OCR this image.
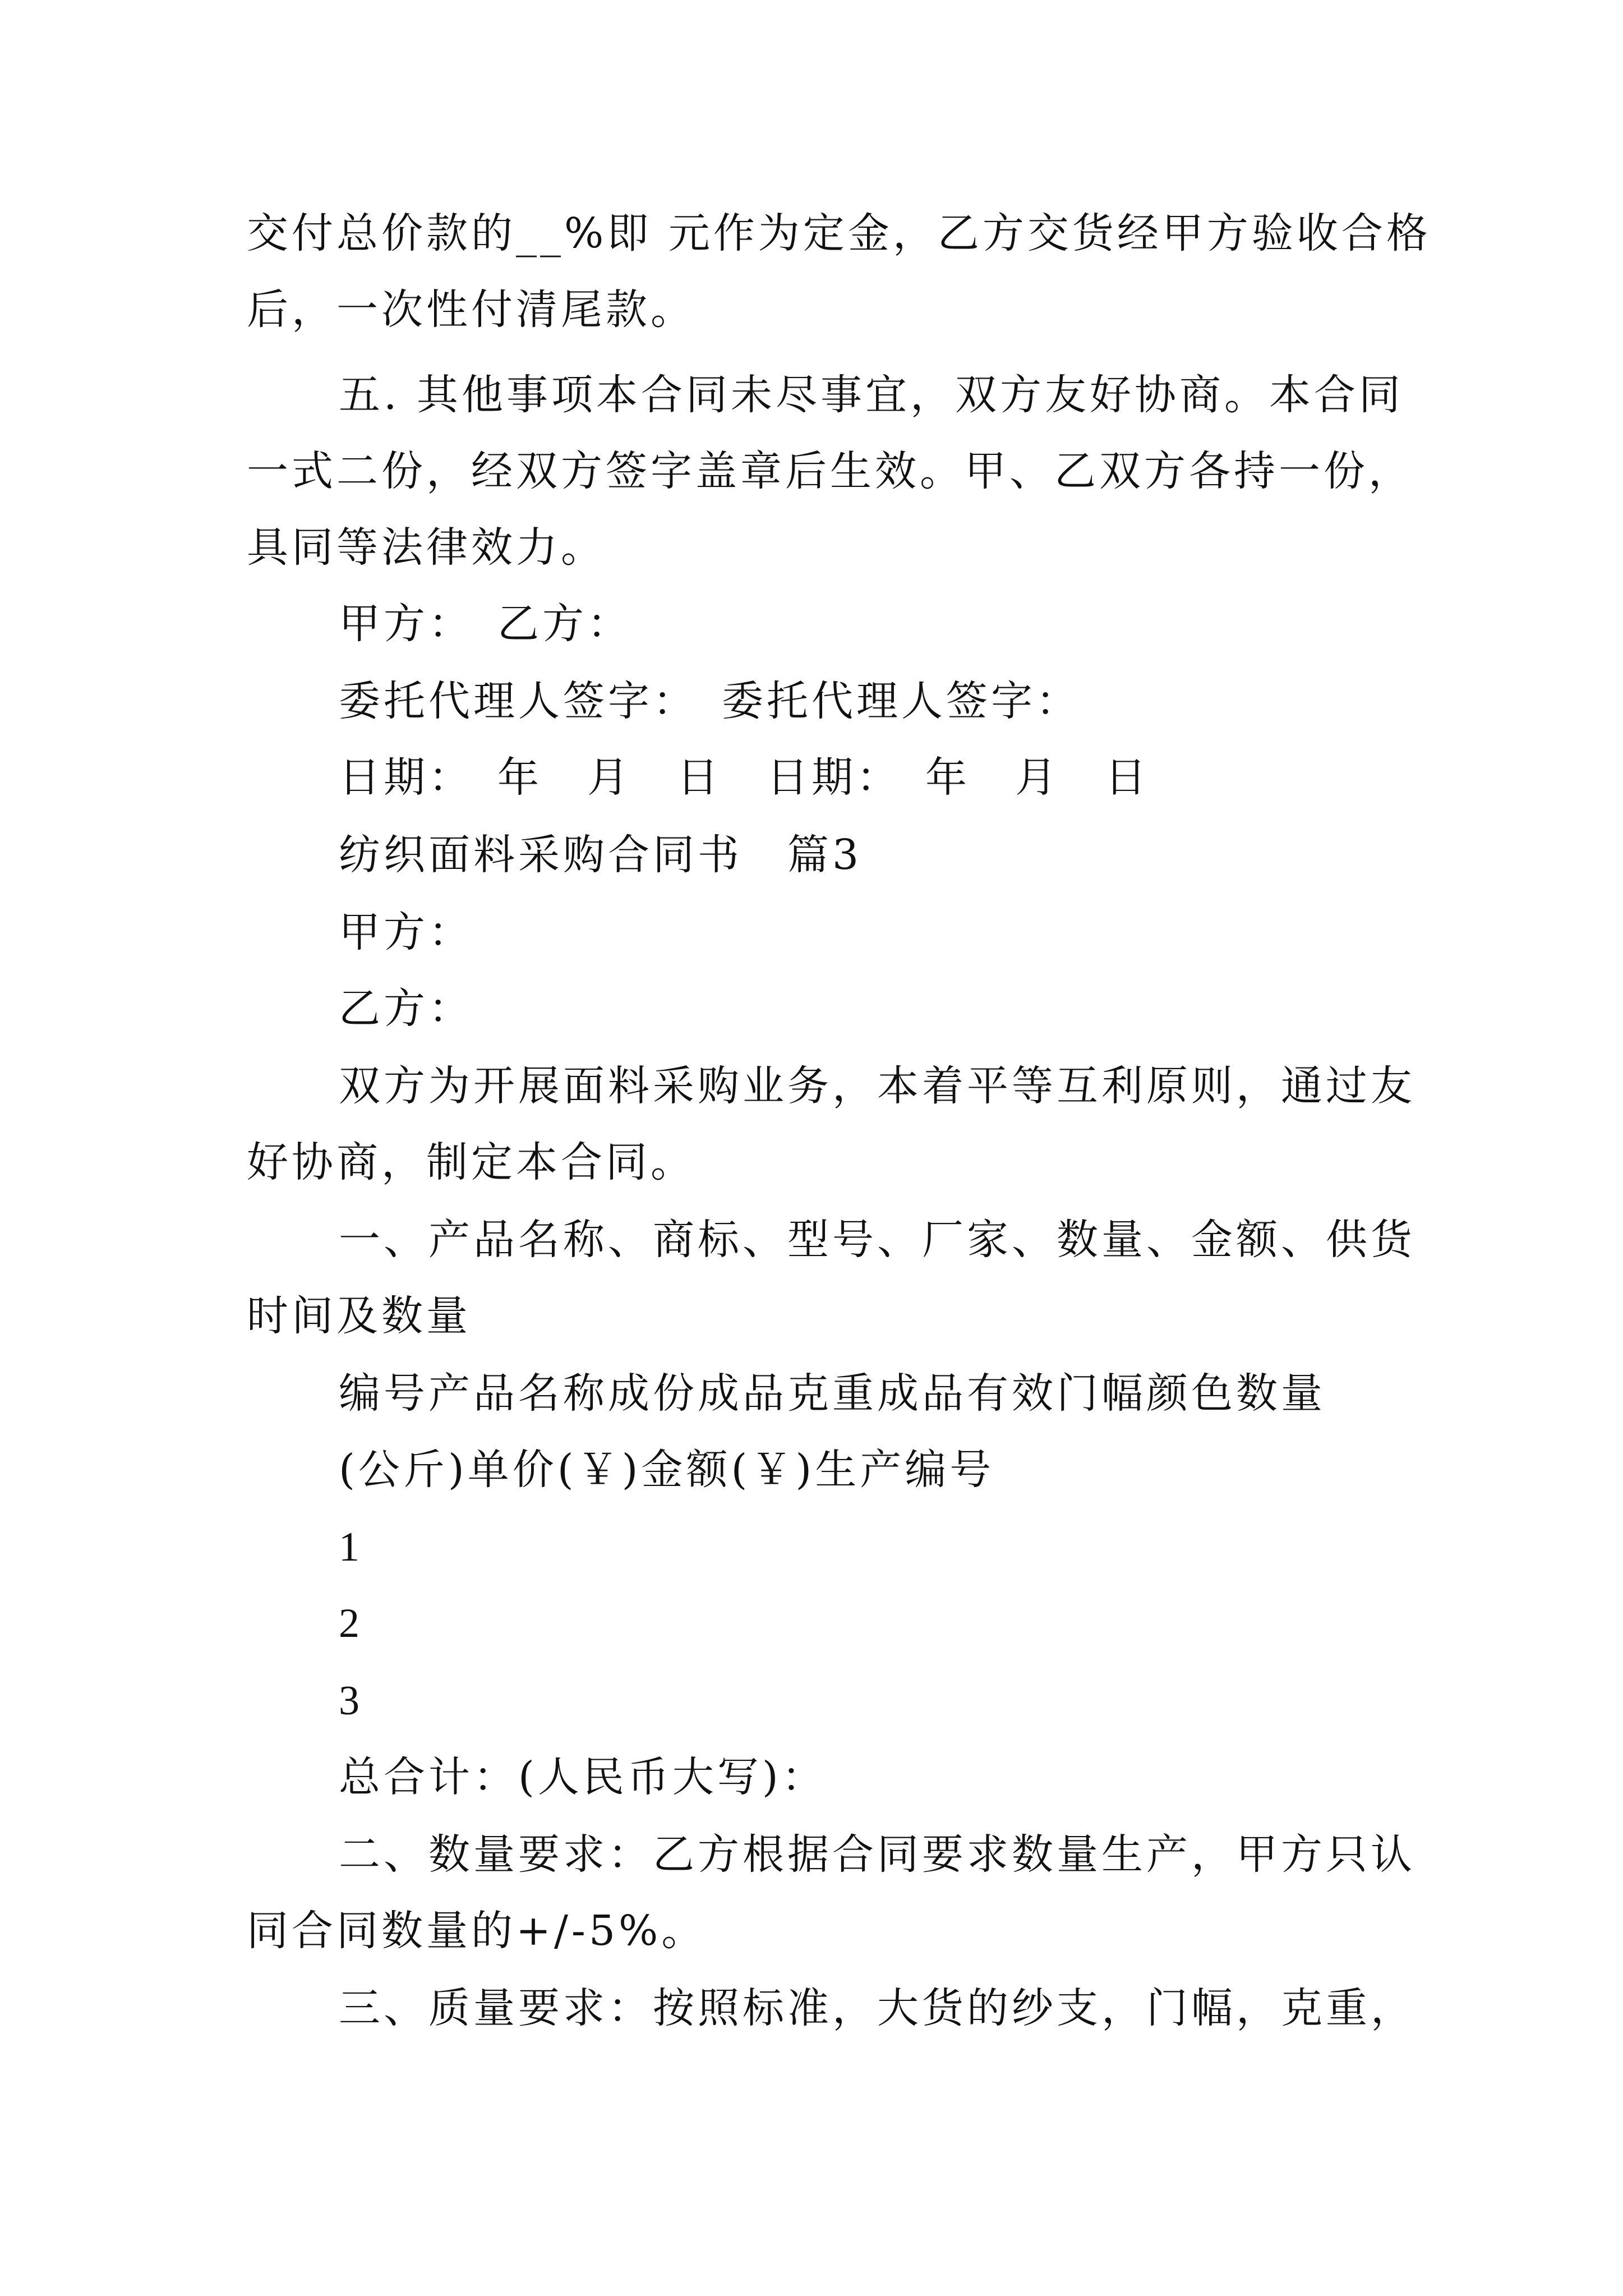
交付总价款的__%即 元作为定金，乙方交货经甲方验收合格
后，一次性付清尾款。
五. 其他事项本合同未尽事宜，双方友好协商。本合同
一式二份，经双方签字盖章后生效。甲、乙双方各持一份，
具同等法律效力。
甲方：　乙方：
委托代理人签字：　委托代理人签字：
日期：　年　月　日　日期：　年　月　日
纺织面料采购合同书　篇3
甲方：
乙方：
双方为开展面料采购业务，本着平等互利原则，通过友
好协商，制定本合同。
一、产品名称、商标、型号、厂家、数量、金额、供货
时间及数量
编号产品名称成份成品克重成品有效门幅颜色数量
(公斤)单价(￥)金额(￥)生产编号
1
2
3
总合计：(人民币大写)：
二、数量要求：乙方根据合同要求数量生产，甲方只认
同合同数量的+/-5%。
三、质量要求：按照标准，大货的纱支，门幅，克重，
